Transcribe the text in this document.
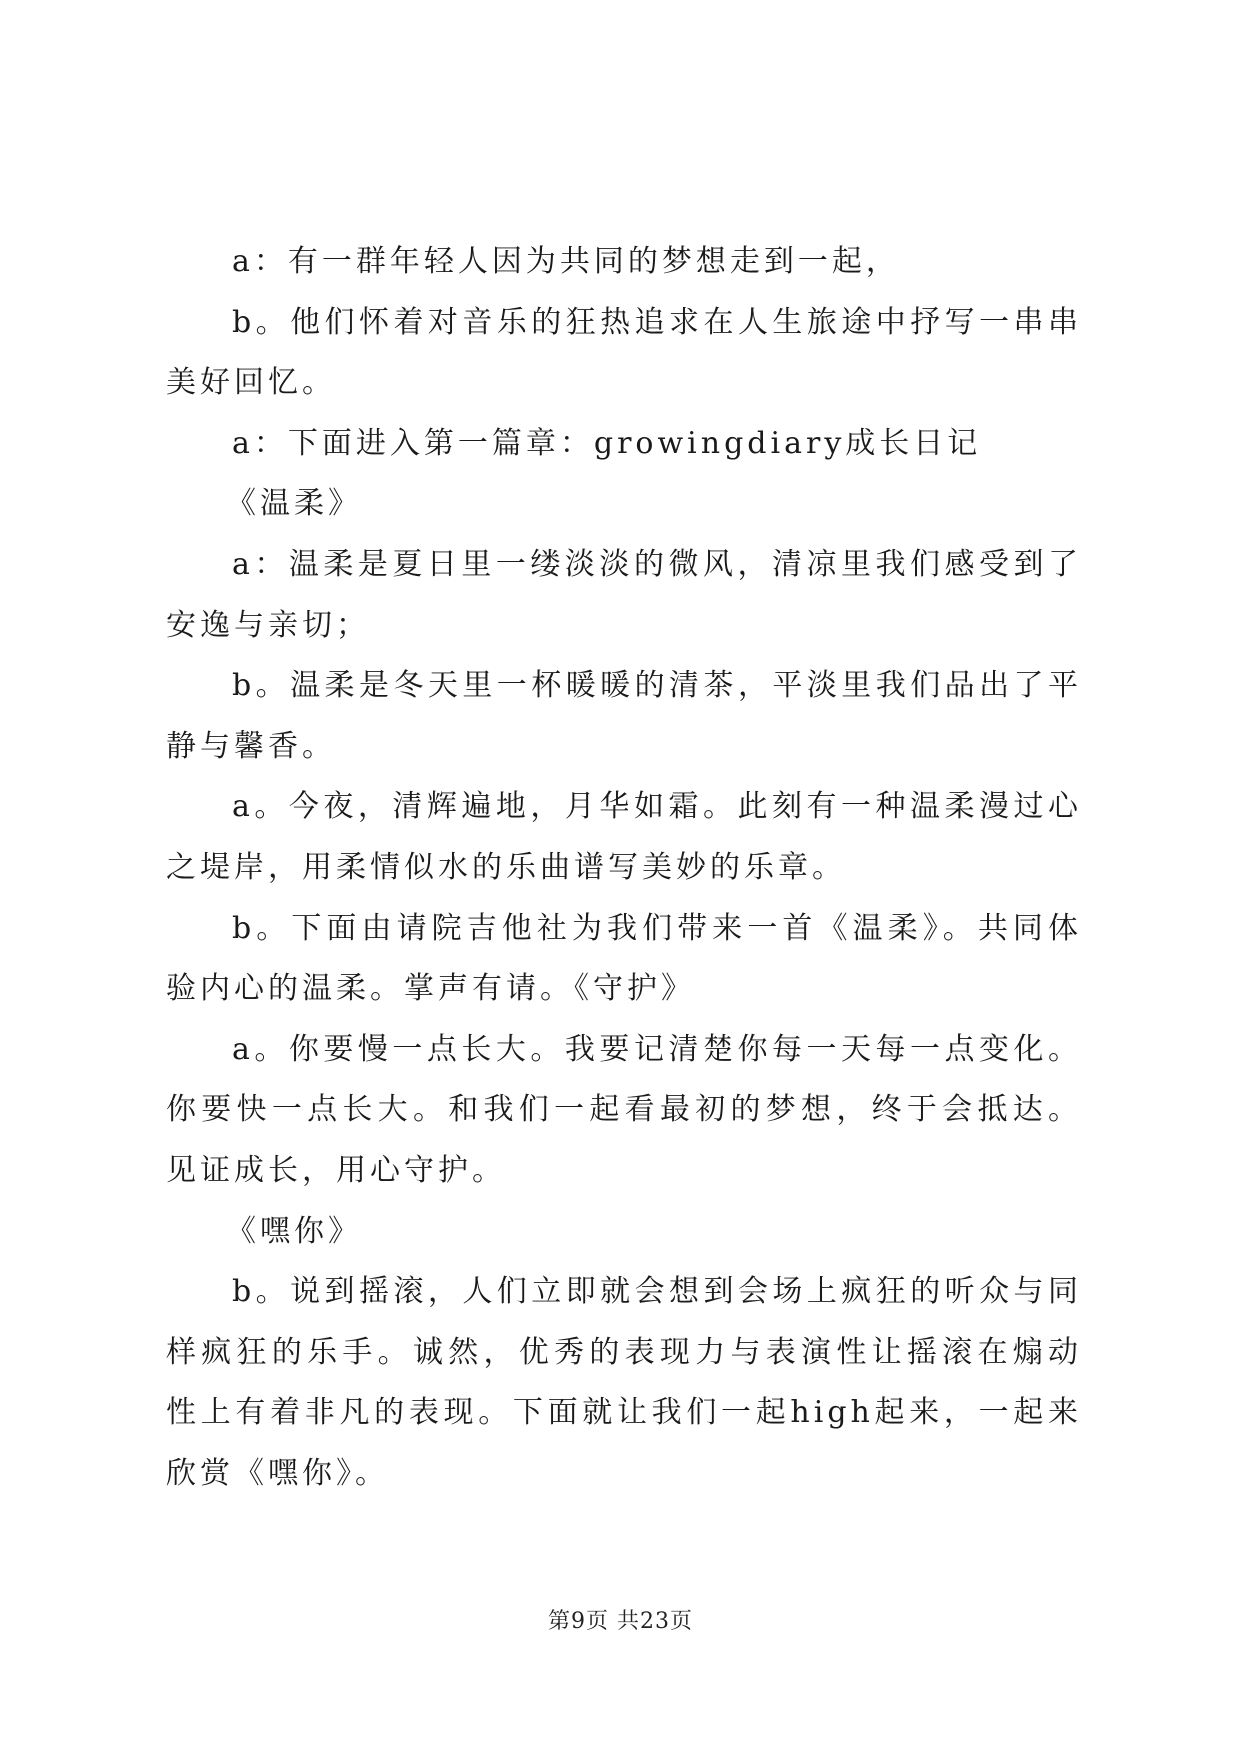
a：有一群年轻人因为共同的梦想走到一起，

b。他们怀着对音乐的狂热追求在人生旅途中抒写一串串美好回忆。

a：下面进入第一篇章：growingdiary成长日记

《温柔》

a：温柔是夏日里一缕淡淡的微风，清凉里我们感受到了安逸与亲切；

b。温柔是冬天里一杯暖暖的清茶，平淡里我们品出了平静与馨香。

a。今夜，清辉遍地，月华如霜。此刻有一种温柔漫过心之堤岸，用柔情似水的乐曲谱写美妙的乐章。

b。下面由请院吉他社为我们带来一首《温柔》。共同体验内心的温柔。掌声有请。《守护》

a。你要慢一点长大。我要记清楚你每一天每一点变化。你要快一点长大。和我们一起看最初的梦想，终于会抵达。见证成长，用心守护。

《嘿你》

b。说到摇滚，人们立即就会想到会场上疯狂的听众与同样疯狂的乐手。诚然，优秀的表现力与表演性让摇滚在煽动性上有着非凡的表现。下面就让我们一起high起来，一起来欣赏《嘿你》。

第9页 共23页
